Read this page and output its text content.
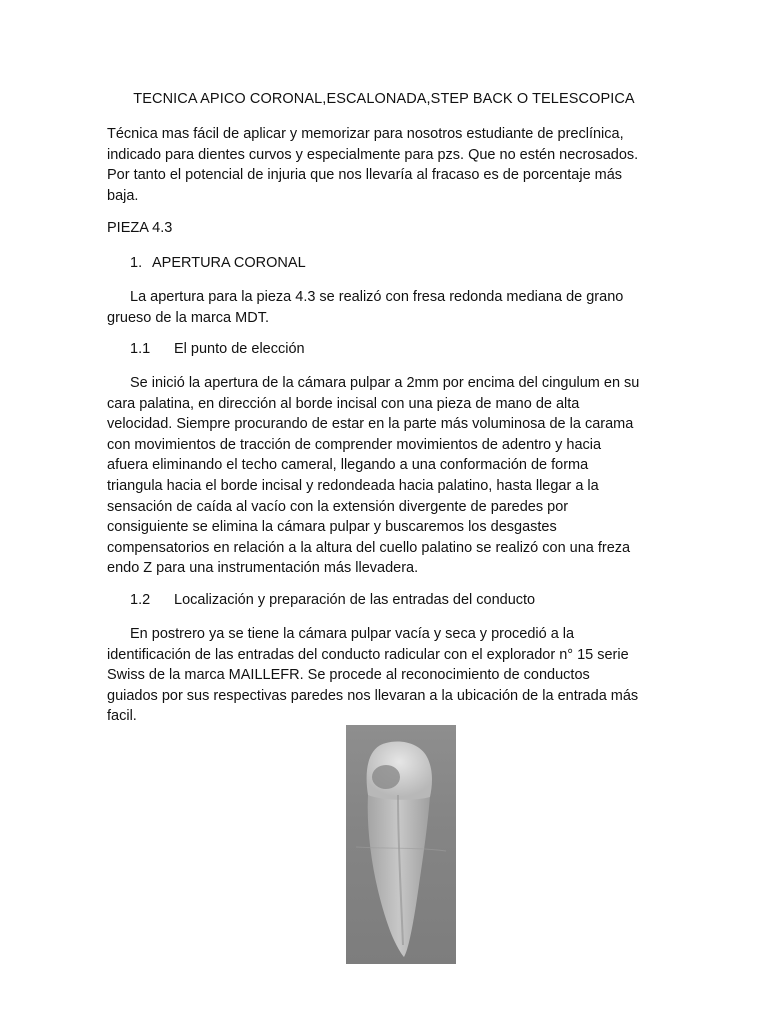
TECNICA APICO CORONAL,ESCALONADA,STEP BACK O TELESCOPICA

Técnica mas fácil de aplicar y memorizar para nosotros estudiante de preclínica,
indicado para dientes curvos y especialmente para pzs. Que no estén necrosados.
Por tanto el potencial de injuria que nos llevaría al fracaso es de porcentaje más
baja.

PIEZA 4.3
1. APERTURA CORONAL

La apertura para la pieza 4.3 se realizó con fresa redonda mediana de grano
grueso de la marca MDT.

1.1 El punto de elección

Se inició la apertura de la cámara pulpar a 2mm por encima del cingulum en su
cara palatina, en dirección al borde incisal con una pieza de mano de alta
velocidad. Siempre procurando de estar en la parte más voluminosa de la carama
con movimientos de tracción de comprender movimientos de adentro y hacia
afuera eliminando el techo cameral, llegando a una conformación de forma
triangula hacia el borde incisal y redondeada hacia palatino, hasta llegar a la
sensación de caída al vacío con la extensión divergente de paredes por
consiguiente se elimina la cámara pulpar y buscaremos los desgastes
compensatorios en relación a la altura del cuello palatino se realizó con una freza
endo Z para una instrumentación más llevadera.

1.2 Localización y preparación de las entradas del conducto

En postrero ya se tiene la cámara pulpar vacía y seca y procedió a la
identificación de las entradas del conducto radicular con el explorador n° 15 serie
Swiss de la marca MAILLEFR. Se procede al reconocimiento de conductos
guiados por sus respectivas paredes nos llevaran a la ubicación de la entrada más
facil.
